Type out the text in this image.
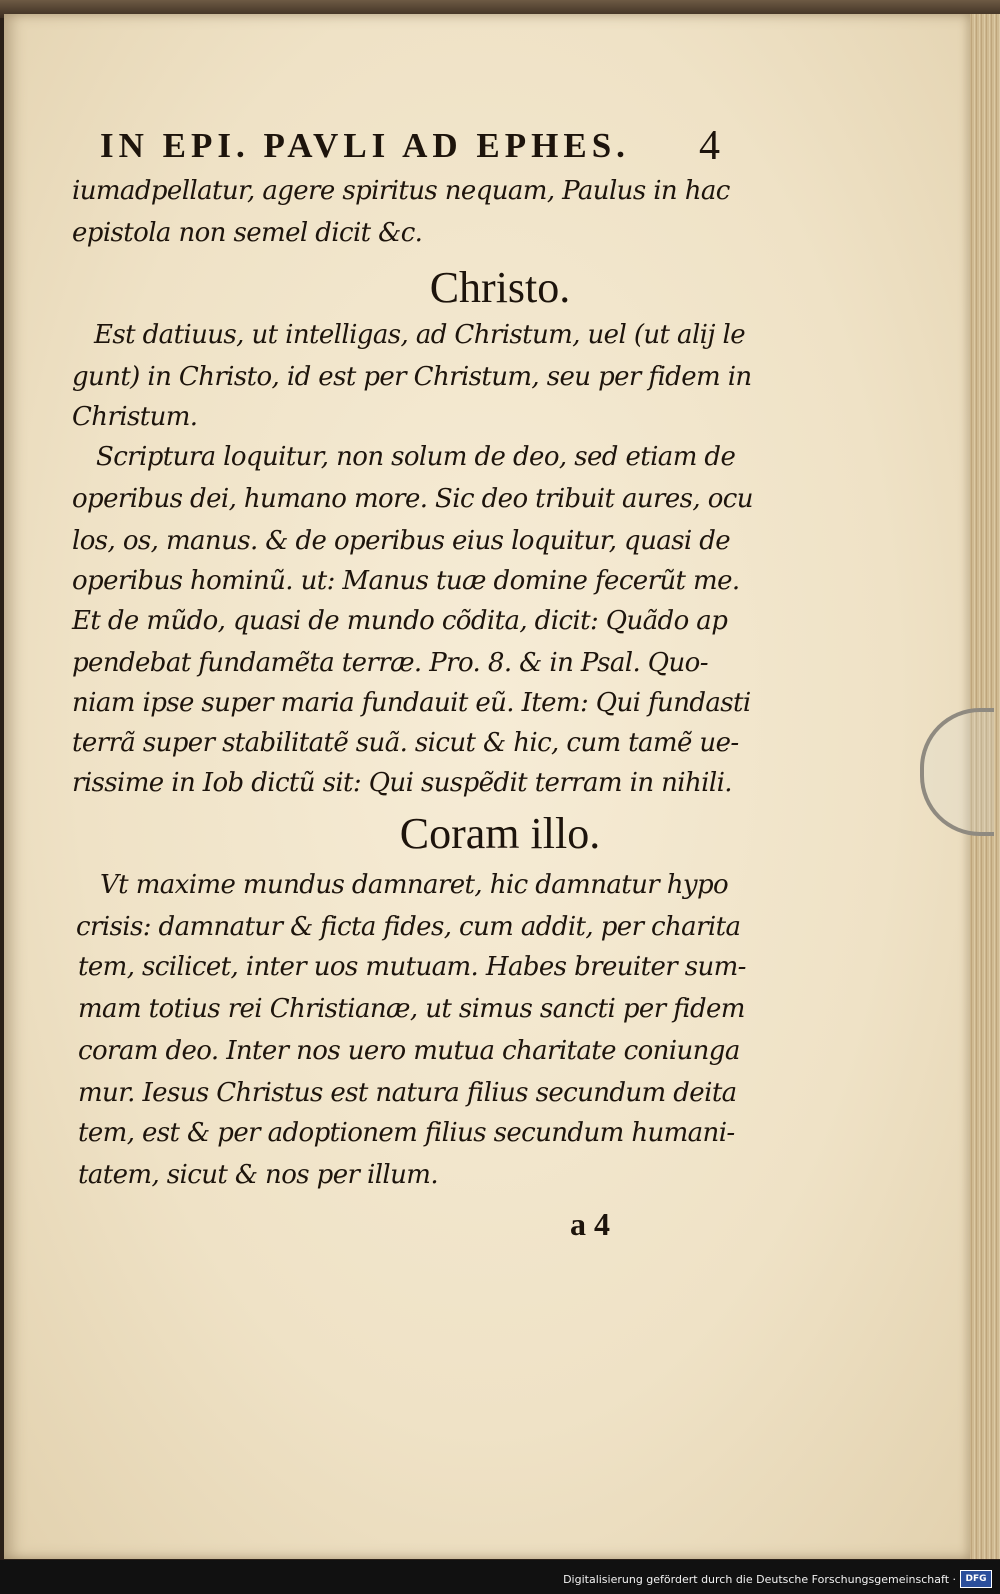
IN EPI. PAVLI AD EPHES. 4
iumadpellatur, agere spiritus nequam, Paulus in hac
epistola non semel dicit &c.
Christo.
Est datiuus, ut intelligas, ad Christum, uel (ut alij le
gunt) in Christo, id est per Christum, seu per fidem in
Christum.
Scriptura loquitur, non solum de deo, sed etiam de
operibus dei, humano more. Sic deo tribuit aures, ocu
los, os, manus. & de operibus eius loquitur, quasi de
operibus hominũ. ut: Manus tuæ domine fecerũt me.
Et de mũdo, quasi de mundo cõdita, dicit: Quãdo ap
pendebat fundamẽta terræ. Pro. 8. & in Psal. Quo-
niam ipse super maria fundauit eũ. Item: Qui fundasti
terrã super stabilitatẽ suã. sicut & hic, cum tamẽ ue-
rissime in Iob dictũ sit: Qui suspẽdit terram in nihili.
Coram illo.
Vt maxime mundus damnaret, hic damnatur hypo
crisis: damnatur & ficta fides, cum addit, per charita
tem, scilicet, inter uos mutuam. Habes breuiter sum-
mam totius rei Christianæ, ut simus sancti per fidem
coram deo. Inter nos uero mutua charitate coniunga
mur. Iesus Christus est natura filius secundum deita
tem, est & per adoptionem filius secundum humani-
tatem, sicut & nos per illum.
a 4
Digitalisierung gefördert durch die Deutsche Forschungsgemeinschaft ·	DFG
